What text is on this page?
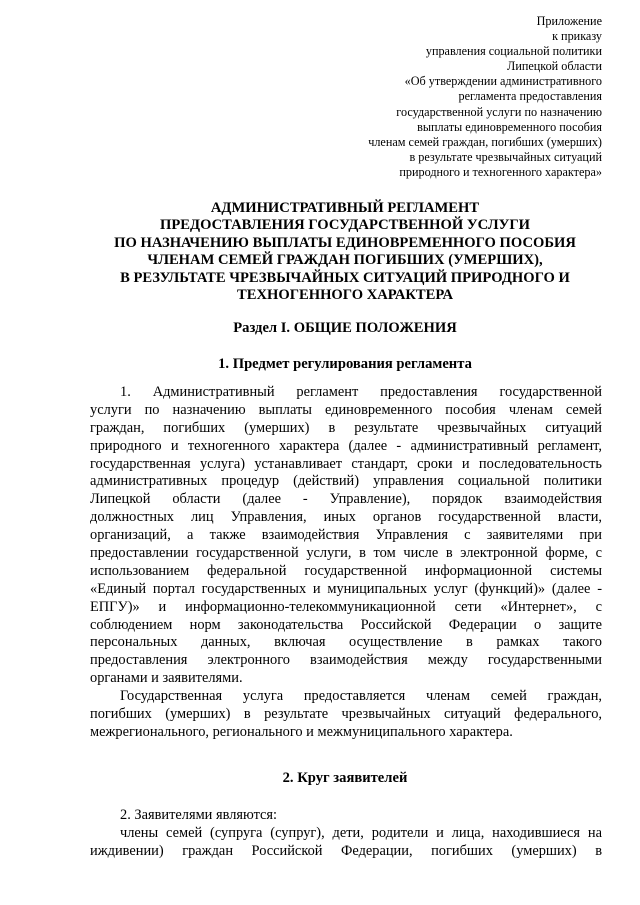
Приложение
к приказу
управления социальной политики
Липецкой области
«Об утверждении административного
регламента предоставления
государственной услуги по назначению
выплаты единовременного пособия
членам семей граждан, погибших (умерших)
в результате чрезвычайных ситуаций
природного и техногенного характера»
АДМИНИСТРАТИВНЫЙ РЕГЛАМЕНТ
ПРЕДОСТАВЛЕНИЯ ГОСУДАРСТВЕННОЙ УСЛУГИ
ПО НАЗНАЧЕНИЮ ВЫПЛАТЫ ЕДИНОВРЕМЕННОГО ПОСОБИЯ
ЧЛЕНАМ СЕМЕЙ ГРАЖДАН ПОГИБШИХ (УМЕРШИХ),
В РЕЗУЛЬТАТЕ ЧРЕЗВЫЧАЙНЫХ СИТУАЦИЙ ПРИРОДНОГО И
ТЕХНОГЕННОГО ХАРАКТЕРА
Раздел I. ОБЩИЕ ПОЛОЖЕНИЯ
1. Предмет регулирования регламента
1. Административный регламент предоставления государственной
услуги по назначению выплаты единовременного пособия членам семей
граждан, погибших (умерших) в результате чрезвычайных ситуаций
природного и техногенного характера (далее - административный регламент,
государственная услуга) устанавливает стандарт, сроки и последовательность
административных процедур (действий) управления социальной политики
Липецкой области (далее - Управление), порядок взаимодействия
должностных лиц Управления, иных органов государственной власти,
организаций, а также взаимодействия Управления с заявителями при
предоставлении государственной услуги, в том числе в электронной форме, с
использованием федеральной государственной информационной системы
«Единый портал государственных и муниципальных услуг (функций)» (далее -
ЕПГУ)» и информационно-телекоммуникационной сети «Интернет», с
соблюдением норм законодательства Российской Федерации о защите
персональных данных, включая осуществление в рамках такого
предоставления электронного взаимодействия между государственными
органами и заявителями.
Государственная услуга предоставляется членам семей граждан,
погибших (умерших) в результате чрезвычайных ситуаций федерального,
межрегионального, регионального и межмуниципального характера.
2. Круг заявителей
2. Заявителями являются:
члены семей (супруга (супруг), дети, родители и лица, находившиеся на
иждивении) граждан Российской Федерации, погибших (умерших) в
